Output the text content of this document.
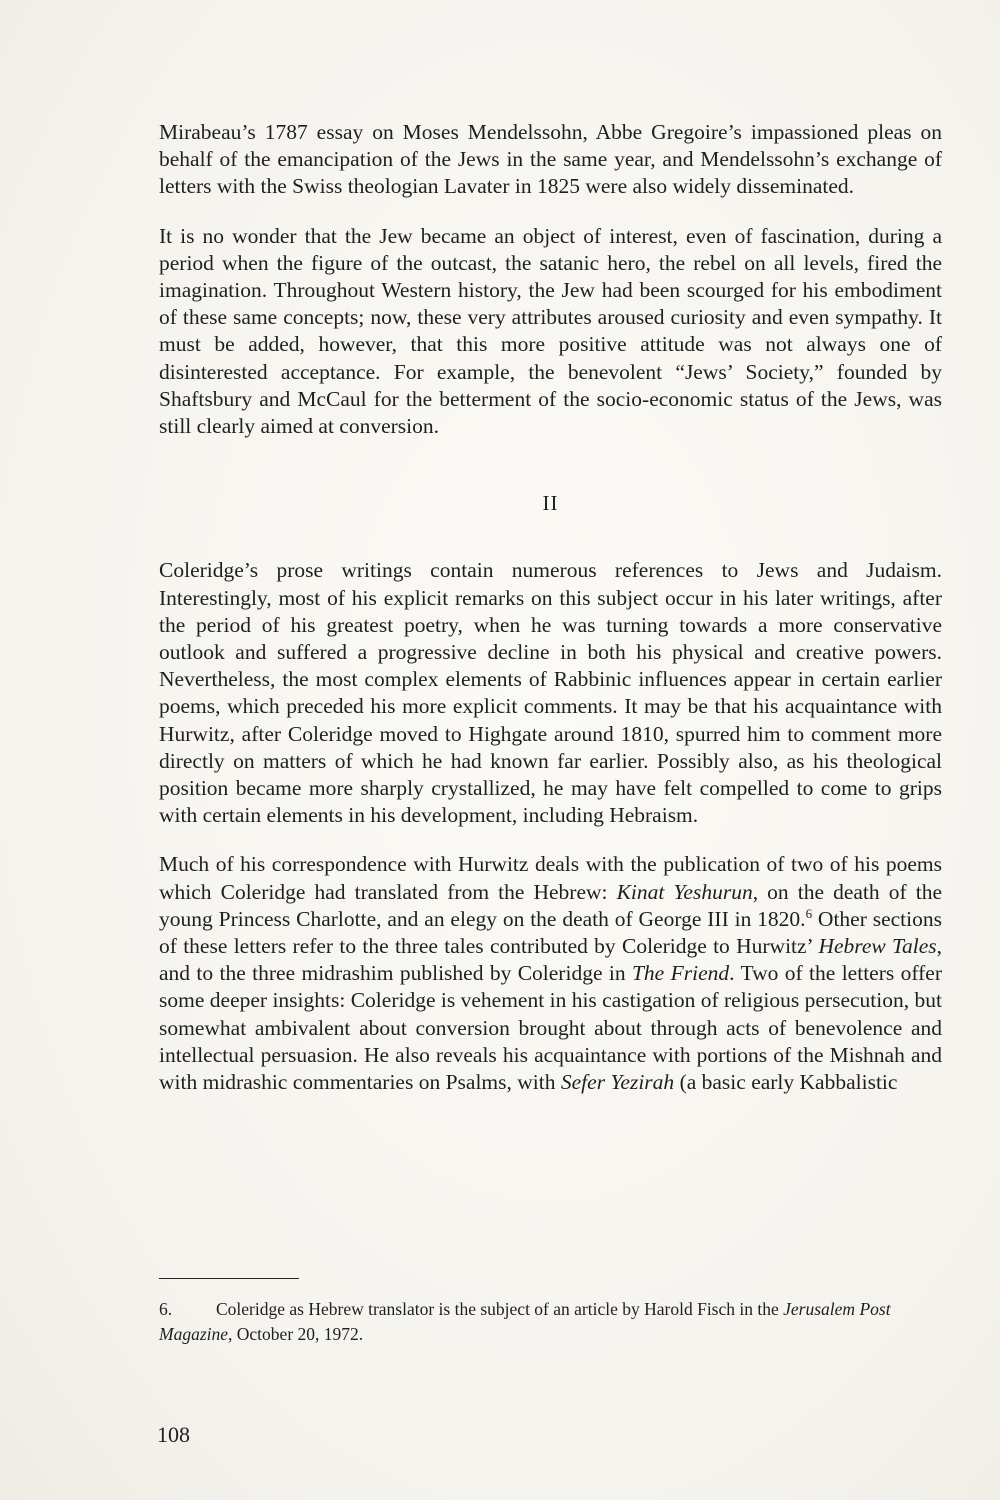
Mirabeau’s 1787 essay on Moses Mendelssohn, Abbe Gregoire’s impassioned pleas on behalf of the emancipation of the Jews in the same year, and Mendelssohn’s exchange of letters with the Swiss theologian Lavater in 1825 were also widely disseminated.

It is no wonder that the Jew became an object of interest, even of fascination, during a period when the figure of the outcast, the satanic hero, the rebel on all levels, fired the imagination. Throughout Western history, the Jew had been scourged for his embodiment of these same concepts; now, these very attributes aroused curiosity and even sympathy. It must be added, however, that this more positive attitude was not always one of disinterested acceptance. For example, the benevolent “Jews’ Society,” founded by Shaftsbury and McCaul for the betterment of the socio-economic status of the Jews, was still clearly aimed at conversion.

II

Coleridge’s prose writings contain numerous references to Jews and Judaism. Interestingly, most of his explicit remarks on this subject occur in his later writings, after the period of his greatest poetry, when he was turning towards a more conservative outlook and suffered a progressive decline in both his physical and creative powers. Nevertheless, the most complex elements of Rabbinic influences appear in certain earlier poems, which preceded his more explicit comments. It may be that his acquaintance with Hurwitz, after Coleridge moved to Highgate around 1810, spurred him to comment more directly on matters of which he had known far earlier. Possibly also, as his theological position became more sharply crystallized, he may have felt compelled to come to grips with certain elements in his development, including Hebraism.

Much of his correspondence with Hurwitz deals with the publication of two of his poems which Coleridge had translated from the Hebrew: Kinat Yeshurun, on the death of the young Princess Charlotte, and an elegy on the death of George III in 1820.$^6$ Other sections of these letters refer to the three tales contributed by Coleridge to Hurwitz’ Hebrew Tales, and to the three midrashim published by Coleridge in The Friend. Two of the letters offer some deeper insights: Coleridge is vehement in his castigation of religious persecution, but somewhat ambivalent about conversion brought about through acts of benevolence and intellectual persuasion. He also reveals his acquaintance with portions of the Mishnah and with midrashic commentaries on Psalms, with Sefer Yezirah (a basic early Kabbalistic

6.	Coleridge as Hebrew translator is the subject of an article by Harold Fisch in the Jerusalem Post Magazine, October 20, 1972.
108
